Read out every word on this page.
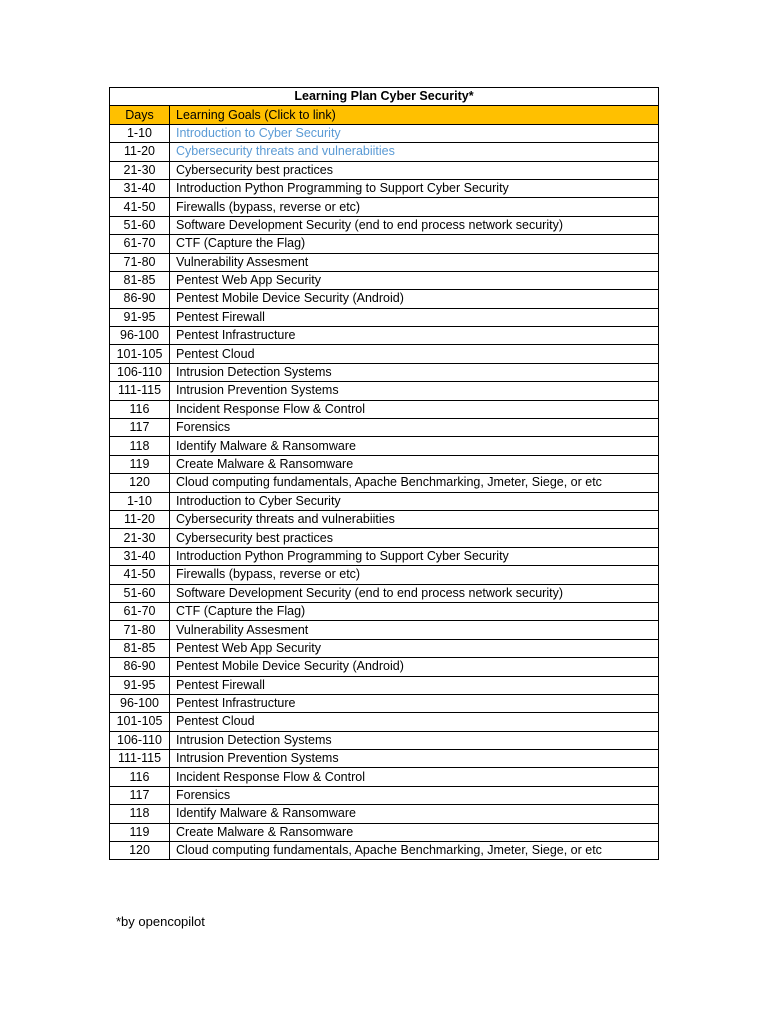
Learning Plan Cyber Security*	
Days	Learning Goals (Click to link)
1-10	Introduction to Cyber Security
11-20	Cybersecurity threats and vulnerabiities
21-30	Cybersecurity best practices
31-40	Introduction Python Programming to Support Cyber Security
41-50	Firewalls (bypass, reverse or etc)
51-60	Software Development Security (end to end process network security)
61-70	CTF (Capture the Flag)
71-80	Vulnerability Assesment
81-85	Pentest Web App Security
86-90	Pentest Mobile Device Security (Android)
91-95	Pentest Firewall
96-100	Pentest Infrastructure
101-105	Pentest Cloud
106-110	Intrusion Detection Systems
111-115	Intrusion Prevention Systems
116	Incident Response Flow & Control
117	Forensics
118	Identify Malware & Ransomware
119	Create Malware & Ransomware
120	Cloud computing fundamentals, Apache Benchmarking, Jmeter, Siege, or etc
1-10	Introduction to Cyber Security
11-20	Cybersecurity threats and vulnerabiities
21-30	Cybersecurity best practices
31-40	Introduction Python Programming to Support Cyber Security
41-50	Firewalls (bypass, reverse or etc)
51-60	Software Development Security (end to end process network security)
61-70	CTF (Capture the Flag)
71-80	Vulnerability Assesment
81-85	Pentest Web App Security
86-90	Pentest Mobile Device Security (Android)
91-95	Pentest Firewall
96-100	Pentest Infrastructure
101-105	Pentest Cloud
106-110	Intrusion Detection Systems
111-115	Intrusion Prevention Systems
116	Incident Response Flow & Control
117	Forensics
118	Identify Malware & Ransomware
119	Create Malware & Ransomware
120	Cloud computing fundamentals, Apache Benchmarking, Jmeter, Siege, or etc
*by opencopilot
